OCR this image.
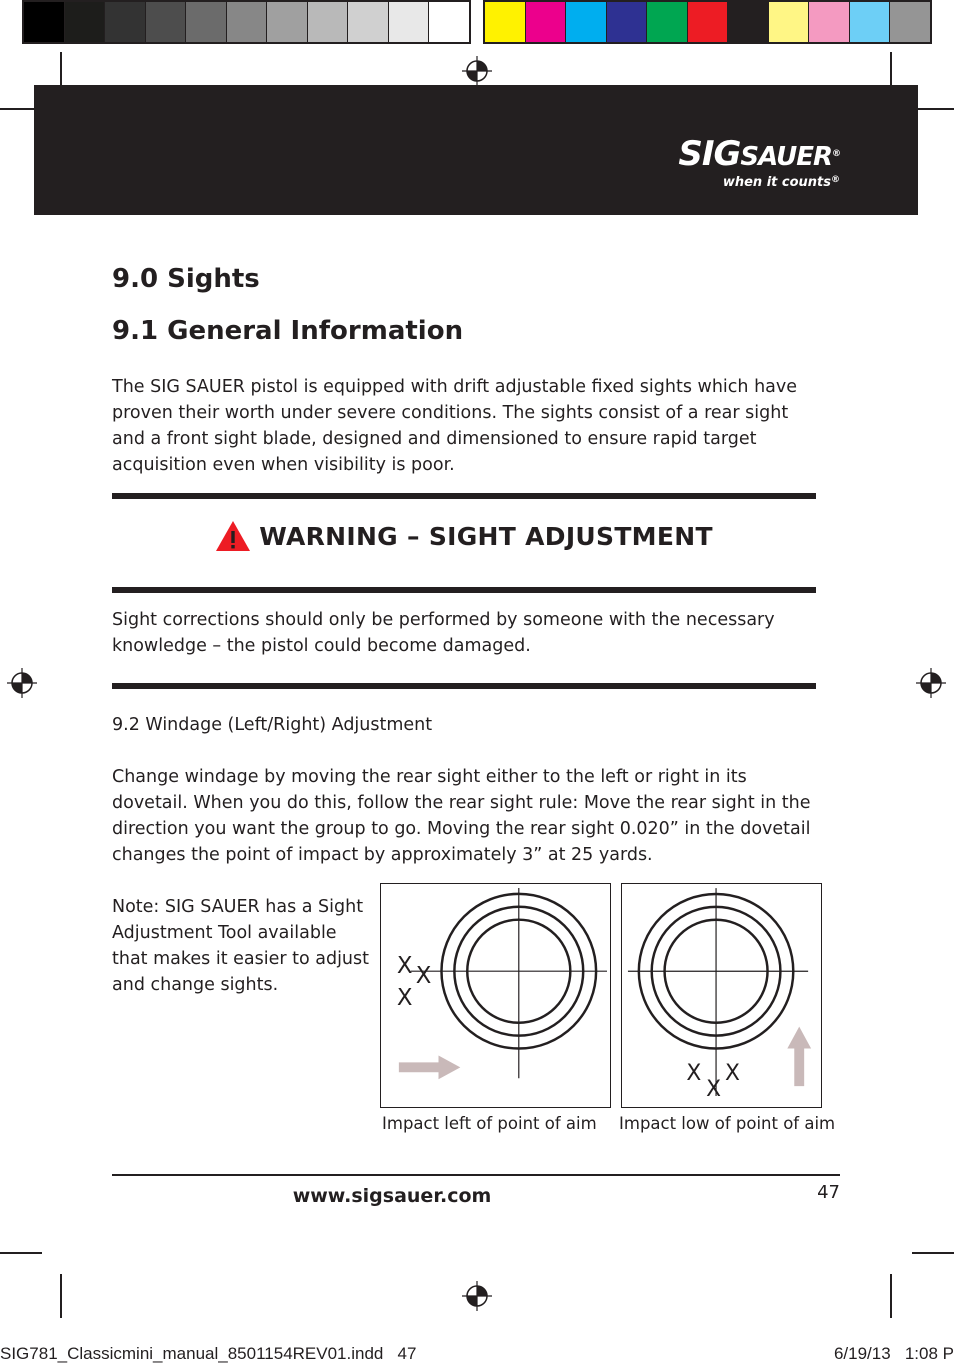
SIGSAUER®
when it counts®
9.0 Sights
9.1 General Information
The SIG SAUER pistol is equipped with drift adjustable fixed sights which have proven their worth under severe conditions. The sights consist of a rear sight and a front sight blade, designed and dimensioned to ensure rapid target acquisition even when visibility is poor.
WARNING – SIGHT ADJUSTMENT
Sight corrections should only be performed by someone with the necessary knowledge – the pistol could become damaged.
9.2 Windage (Left/Right) Adjustment
Change windage by moving the rear sight either to the left or right in its dovetail. When you do this, follow the rear sight rule: Move the rear sight in the direction you want the group to go. Moving the rear sight 0.020” in the dovetail changes the point of impact by approximately 3” at 25 yards.
Note: SIG SAUER has a Sight Adjustment Tool available that makes it easier to adjust and change sights.
X X
X
X X
X
Impact left of point of aim Impact low of point of aim
www.sigsauer.com	47
SIG781_Classicmini_manual_8501154REV01.indd   47	6/19/13   1:08 P
